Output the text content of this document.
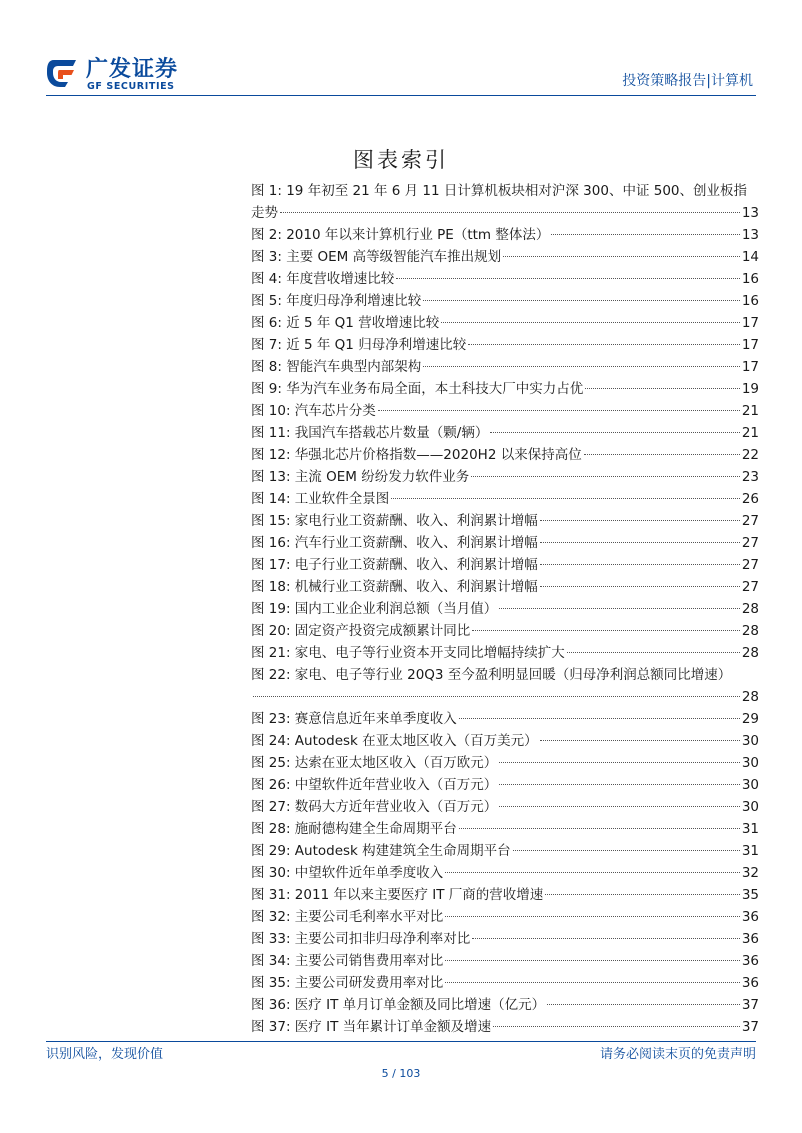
广发证券
GF SECURITIES	投资策略报告|计算机
图表索引
图 1: 19 年初至 21 年 6 月 11 日计算机板块相对沪深 300、中证 500、创业板指
走势	13
图 2: 2010 年以来计算机行业 PE（ttm 整体法）	13
图 3: 主要 OEM 高等级智能汽车推出规划	14
图 4: 年度营收增速比较	16
图 5: 年度归母净利增速比较	16
图 6: 近 5 年 Q1 营收增速比较	17
图 7: 近 5 年 Q1 归母净利增速比较	17
图 8: 智能汽车典型内部架构	17
图 9: 华为汽车业务布局全面，本土科技大厂中实力占优	19
图 10: 汽车芯片分类	21
图 11: 我国汽车搭载芯片数量（颗/辆）	21
图 12: 华强北芯片价格指数——2020H2 以来保持高位	22
图 13: 主流 OEM 纷纷发力软件业务	23
图 14: 工业软件全景图	26
图 15: 家电行业工资薪酬、收入、利润累计增幅	27
图 16: 汽车行业工资薪酬、收入、利润累计增幅	27
图 17: 电子行业工资薪酬、收入、利润累计增幅	27
图 18: 机械行业工资薪酬、收入、利润累计增幅	27
图 19: 国内工业企业利润总额（当月值）	28
图 20: 固定资产投资完成额累计同比	28
图 21: 家电、电子等行业资本开支同比增幅持续扩大	28
图 22: 家电、电子等行业 20Q3 至今盈利明显回暖（归母净利润总额同比增速）
28
图 23: 赛意信息近年来单季度收入	29
图 24: Autodesk 在亚太地区收入（百万美元）	30
图 25: 达索在亚太地区收入（百万欧元）	30
图 26: 中望软件近年营业收入（百万元）	30
图 27: 数码大方近年营业收入（百万元）	30
图 28: 施耐德构建全生命周期平台	31
图 29: Autodesk 构建建筑全生命周期平台	31
图 30: 中望软件近年单季度收入	32
图 31: 2011 年以来主要医疗 IT 厂商的营收增速	35
图 32: 主要公司毛利率水平对比	36
图 33: 主要公司扣非归母净利率对比	36
图 34: 主要公司销售费用率对比	36
图 35: 主要公司研发费用率对比	36
图 36: 医疗 IT 单月订单金额及同比增速（亿元）	37
图 37: 医疗 IT 当年累计订单金额及增速	37
识别风险，发现价值	请务必阅读末页的免责声明
5 / 103
